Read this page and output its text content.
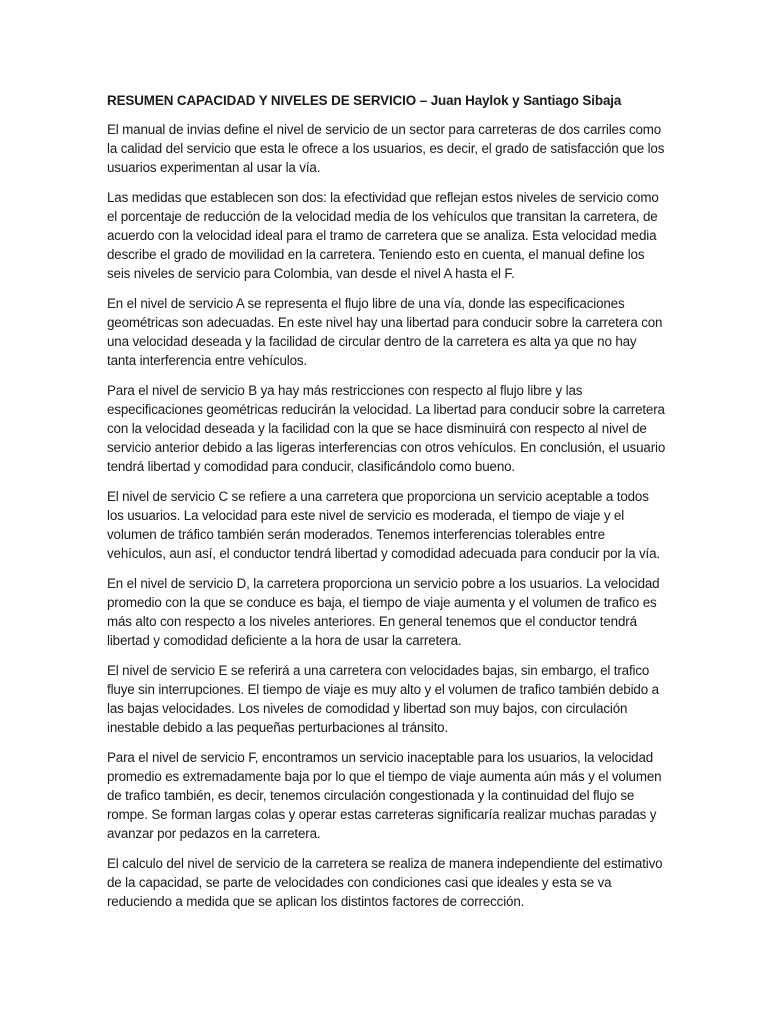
RESUMEN CAPACIDAD Y NIVELES DE SERVICIO – Juan Haylok y Santiago Sibaja

El manual de invias define el nivel de servicio de un sector para carreteras de dos carriles como la calidad del servicio que esta le ofrece a los usuarios, es decir, el grado de satisfacción que los usuarios experimentan al usar la vía.

Las medidas que establecen son dos: la efectividad que reflejan estos niveles de servicio como el porcentaje de reducción de la velocidad media de los vehículos que transitan la carretera, de acuerdo con la velocidad ideal para el tramo de carretera que se analiza. Esta velocidad media describe el grado de movilidad en la carretera. Teniendo esto en cuenta, el manual define los seis niveles de servicio para Colombia, van desde el nivel A hasta el F.

En el nivel de servicio A se representa el flujo libre de una vía, donde las especificaciones geométricas son adecuadas. En este nivel hay una libertad para conducir sobre la carretera con una velocidad deseada y la facilidad de circular dentro de la carretera es alta ya que no hay tanta interferencia entre vehículos.

Para el nivel de servicio B ya hay más restricciones con respecto al flujo libre y las especificaciones geométricas reducirán la velocidad. La libertad para conducir sobre la carretera con la velocidad deseada y la facilidad con la que se hace disminuirá con respecto al nivel de servicio anterior debido a las ligeras interferencias con otros vehículos. En conclusión, el usuario tendrá libertad y comodidad para conducir, clasificándolo como bueno.

El nivel de servicio C se refiere a una carretera que proporciona un servicio aceptable a todos los usuarios. La velocidad para este nivel de servicio es moderada, el tiempo de viaje y el volumen de tráfico también serán moderados. Tenemos interferencias tolerables entre vehículos, aun así, el conductor tendrá libertad y comodidad adecuada para conducir por la vía.

En el nivel de servicio D, la carretera proporciona un servicio pobre a los usuarios. La velocidad promedio con la que se conduce es baja, el tiempo de viaje aumenta y el volumen de trafico es más alto con respecto a los niveles anteriores. En general tenemos que el conductor tendrá libertad y comodidad deficiente a la hora de usar la carretera.

El nivel de servicio E se referirá a una carretera con velocidades bajas, sin embargo, el trafico fluye sin interrupciones. El tiempo de viaje es muy alto y el volumen de trafico también debido a las bajas velocidades. Los niveles de comodidad y libertad son muy bajos, con circulación inestable debido a las pequeñas perturbaciones al tránsito.

Para el nivel de servicio F, encontramos un servicio inaceptable para los usuarios, la velocidad promedio es extremadamente baja por lo que el tiempo de viaje aumenta aún más y el volumen de trafico también, es decir, tenemos circulación congestionada y la continuidad del flujo se rompe. Se forman largas colas y operar estas carreteras significaría realizar muchas paradas y avanzar por pedazos en la carretera.

El calculo del nivel de servicio de la carretera se realiza de manera independiente del estimativo de la capacidad, se parte de velocidades con condiciones casi que ideales y esta se va reduciendo a medida que se aplican los distintos factores de corrección.
